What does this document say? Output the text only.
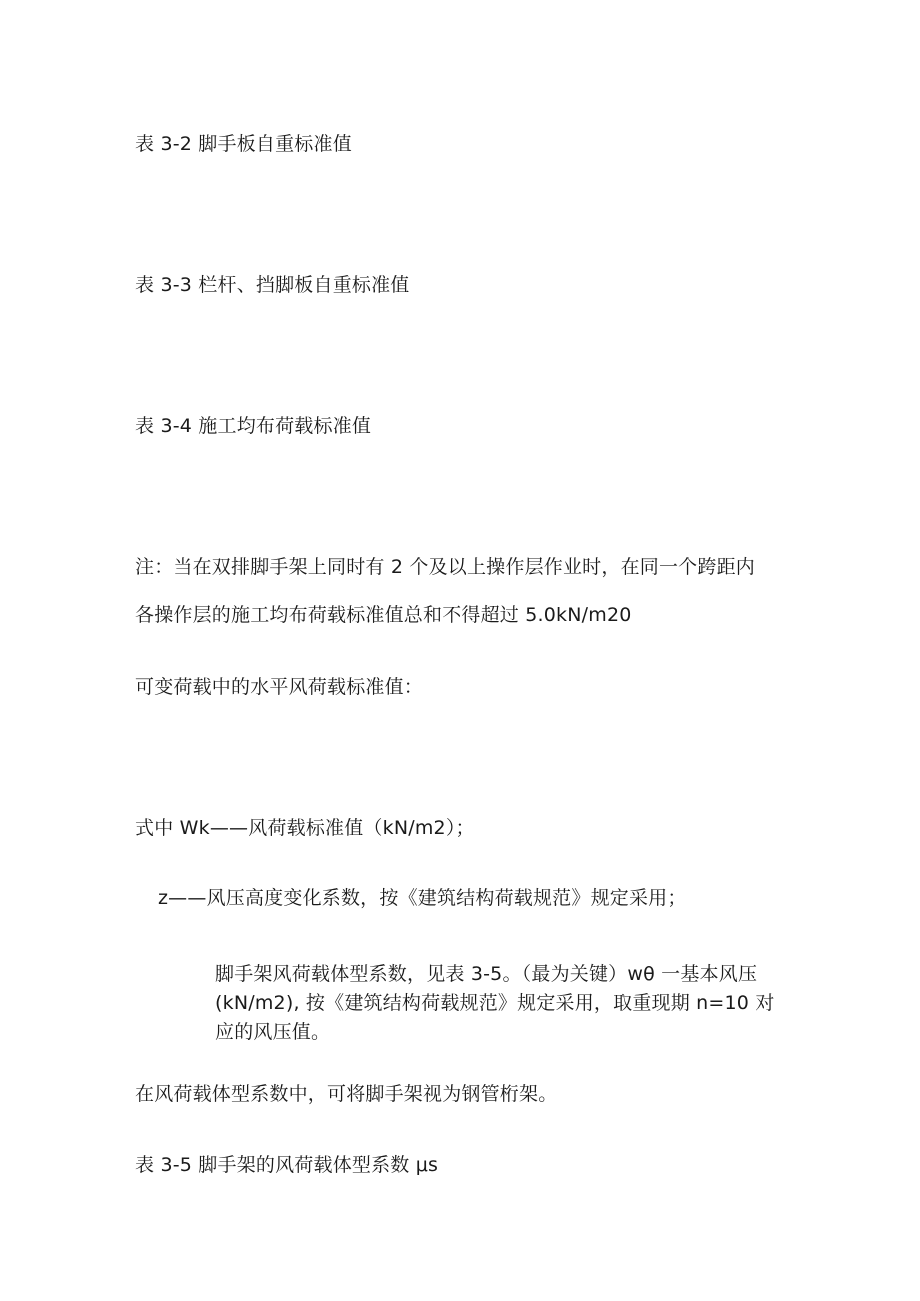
表 3-2 脚手板自重标准值
表 3-3 栏杆、挡脚板自重标准值
表 3-4 施工均布荷载标准值
注：当在双排脚手架上同时有 2 个及以上操作层作业时，在同一个跨距内
各操作层的施工均布荷载标准值总和不得超过 5.0kN∕m20
可变荷载中的水平风荷载标准值：
式中 Wk——风荷载标准值（kN∕m2）；
z——风压高度变化系数，按《建筑结构荷载规范》规定采用；
脚手架风荷载体型系数，见表 3-5。（最为关键）wθ 一基本风压
(kN∕m2), 按《建筑结构荷载规范》规定采用，取重现期 n=10 对
应的风压值。
在风荷载体型系数中，可将脚手架视为钢管桁架。
表 3-5 脚手架的风荷载体型系数 μs
